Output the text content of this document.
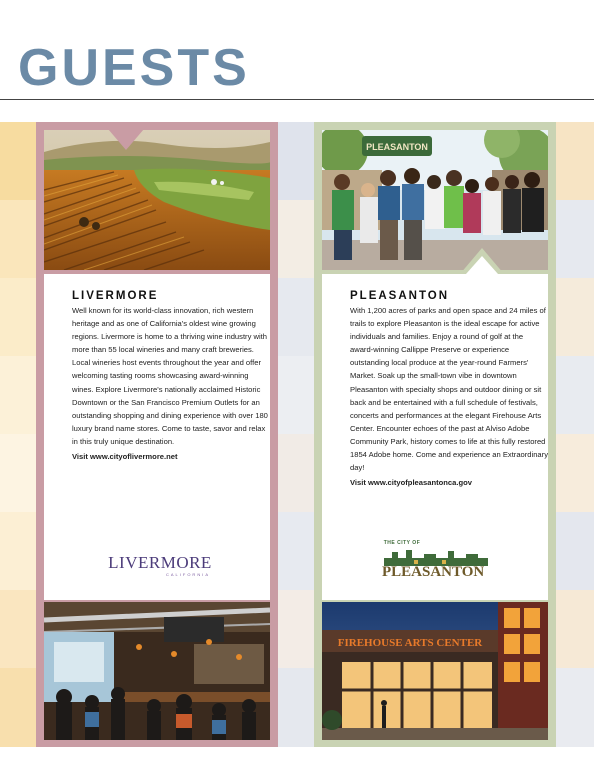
GUESTS
LIVERMORE
Well known for its world-class innovation, rich western heritage and as one of California's oldest wine growing regions. Livermore is home to a thriving wine industry with more than 55 local wineries and many craft breweries. Local wineries host events throughout the year and offer welcoming tasting rooms showcasing award-winning wines. Explore Livermore's nationally acclaimed Historic Downtown or the San Francisco Premium Outlets for an outstanding shopping and dining experience with over 180 luxury brand name stores. Come to taste, savor and relax in this truly unique destination.
Visit www.cityoflivermore.net
LIVERMORE
CALIFORNIA
PLEASANTON
PLEASANTON
With 1,200 acres of parks and open space and 24 miles of trails to explore Pleasanton is the ideal escape for active individuals and families. Enjoy a round of golf at the award-winning Callippe Preserve or experience outstanding local produce at the year-round Farmers' Market. Soak up the small-town vibe in downtown Pleasanton with specialty shops and outdoor dining or sit back and be entertained with a full schedule of festivals, concerts and performances at the elegant Firehouse Arts Center. Encounter echoes of the past at Alviso Adobe Community Park, history comes to life at this fully restored 1854 Adobe home. Come and experience an Extraordinary day!
Visit www.cityofpleasantonca.gov
THE CITY OF
PLEASANTON
FIREHOUSE ARTS CENTER
